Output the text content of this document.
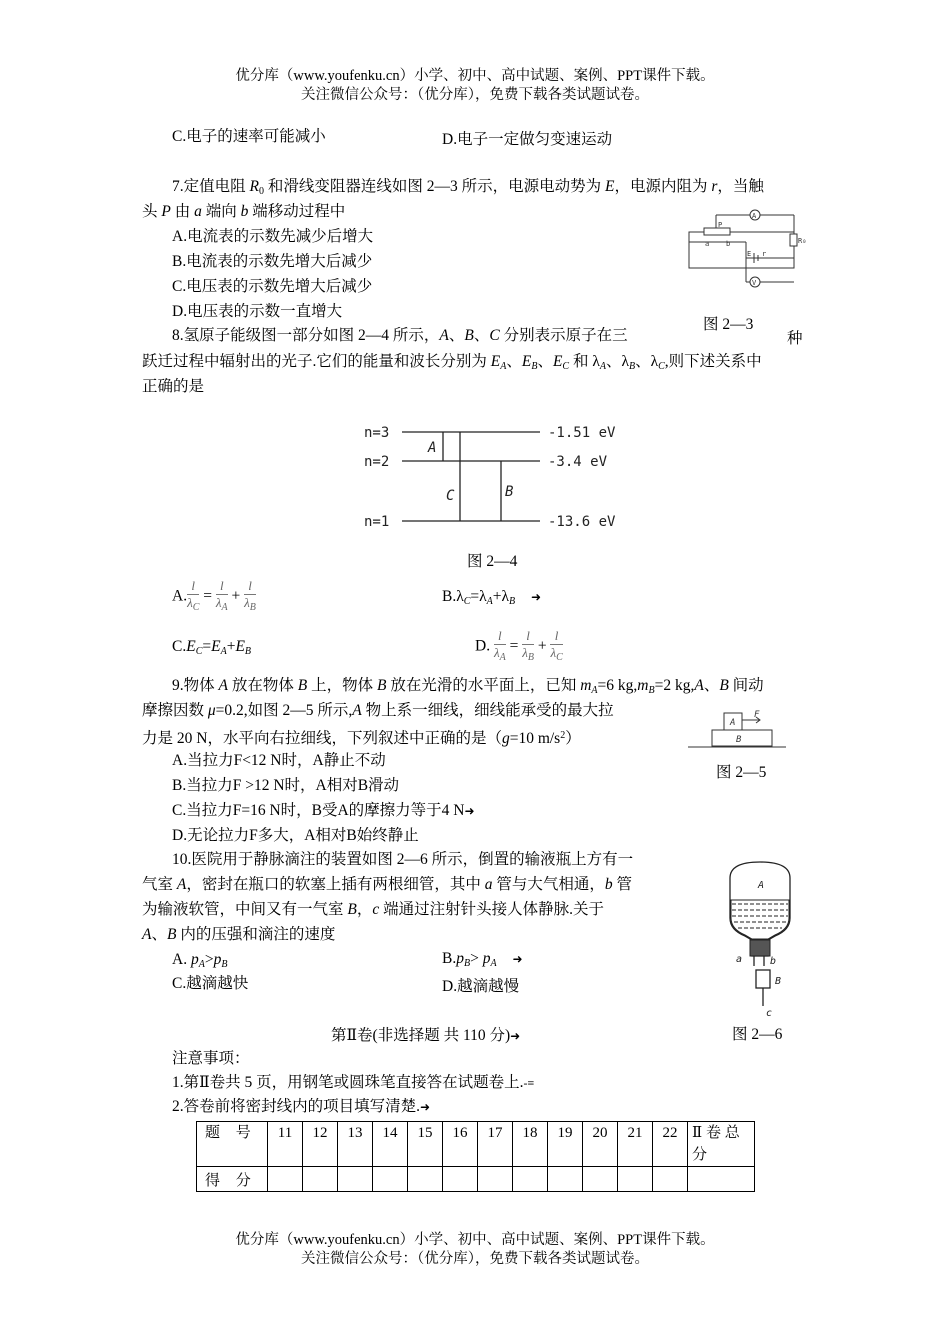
优分库（www.youfenku.cn）小学、初中、高中试题、案例、PPT课件下载。
关注微信公众号：（优分库），免费下载各类试题试卷。
C.电子的速率可能减小	D.电子一定做匀变速运动
7.定值电阻 $R_0$ 和滑线变阻器连线如图 2—3 所示，电源电动势为 E，电源内阻为 r，当触
头 P 由 a 端向 b 端移动过程中
A.电流表的示数先减少后增大
B.电流表的示数先增大后减少
C.电压表的示数先增大后减少
D.电压表的示数一直增大
A
V
P
a b
E r
R₀
图 2—3
8.氢原子能级图一部分如图 2—4 所示，A、B、C 分别表示原子在三	种
跃迁过程中辐射出的光子.它们的能量和波长分别为 $E_A$、$E_B$、$E_C$ 和 $\lambda_A$、$\lambda_B$、$\lambda_C$,则下述关系中
正确的是
n=3
n=2
n=1
-1.51 eV
-3.4 eV
-13.6 eV
A
C	B
图 2—4
A. $\frac{l}{\lambda_C} = \frac{l}{\lambda_A} + \frac{l}{\lambda_B}$	$B.\lambda_C=\lambda_A+\lambda_B$     ➜
$C.E_C=E_A+E_B$	D. $\frac{l}{\lambda_A} = \frac{l}{\lambda_B} + \frac{l}{\lambda_C}$
9.物体 A 放在物体 B 上，物体 B 放在光滑的水平面上，已知 $m_A=6$ $kg,m_B=2$ kg,A、B 间动
摩擦因数 μ=0.2,如图 2—5 所示,A 物上系一细线，细线能承受的最大拉
力是 20 N，水平向右拉细线，下列叙述中正确的是（g=10 $m/s^2$）
A.当拉力F<12 N时，A静止不动
B.当拉力F >12 N时，A相对B滑动
C.当拉力F=16 N时，B受A的摩擦力等于4 N➜
D.无论拉力F多大，A相对B始终静止
A
B
F
图 2—5
10.医院用于静脉滴注的装置如图 2—6 所示，倒置的输液瓶上方有一
气室 A，密封在瓶口的软塞上插有两根细管，其中 a 管与大气相通，b 管
为输液软管，中间又有一气室 B，c 端通过注射针头接人体静脉.关于
A、B 内的压强和滴注的速度
A. $p_A>p_B$	$B.p_B> p_A$     ➜
C.越滴越快	D.越滴越慢
A
a	b
B
c
图 2—6
第Ⅱ卷(非选择题 共 110 分)➜
注意事项：
1.第Ⅱ卷共 5 页，用钢笔或圆珠笔直接答在试题卷上.-≡
2.答卷前将密封线内的项目填写清楚.➜
题 号	11	12	13	14	15	16	17	18	19	20	21	22	Ⅱ 卷 总分
得 分													
优分库（www.youfenku.cn）小学、初中、高中试题、案例、PPT课件下载。
关注微信公众号：（优分库），免费下载各类试题试卷。
